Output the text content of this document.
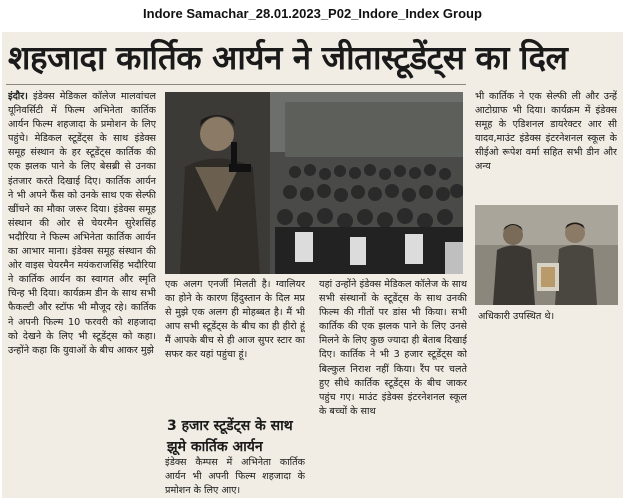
Indore Samachar_28.01.2023_P02_Indore_Index Group
शहजादा कार्तिक आर्यन ने जीतास्टूडेंट्स का दिल
इंदौर। इंडेक्स मेडिकल कॉलेज मालवांचल यूनिवर्सिटी में फिल्म अभिनेता कार्तिक आर्यन फिल्म शहजादा के प्रमोशन के लिए पहुंचे। मेडिकल स्टूडेंट्स के साथ इंडेक्स समूह संस्थान के हर स्टूडेंट्स कार्तिक की एक झलक पाने के लिए बेसब्री से उनका इंतजार करते दिखाई दिए। कार्तिक आर्यन ने भी अपने फैंस को उनके साथ एक सेल्फी खींचने का मौका जरूर दिया। इंडेक्स समूह संस्थान की ओर से चेयरमैन सुरेशसिंह भदौरिया ने फिल्म अभिनेता कार्तिक आर्यन का आभार माना। इंडेक्स समूह संस्थान की ओर वाइस चेयरमैन मयंकराजसिंह भदौरिया ने कार्तिक आर्यन का स्वागत और स्मृति चिन्ह भी दिया। कार्यक्रम डीन के साथ सभी फैकल्टी और स्टॉफ भी मौजूद रहे। कार्तिक ने अपनी फिल्म 10 फरवरी को शहजादा को देखने के लिए भी स्टूडेंट्स को कहा। उन्होंने कहा कि युवाओं के बीच आकर मुझे
एक अलग एनर्जी मिलती है। ग्वालियर का होने के कारण हिंदुस्तान के दिल मप्र से मुझे एक अलग ही मोहब्बत है। मैं भी आप सभी स्टूडेंट्स के बीच का ही हीरो हूं मैं आपके बीच से ही आज सुपर स्टार का सफर कर यहां पहुंचा हूं।
3 हजार स्टूडेंट्स के साथ झूमे कार्तिक आर्यन
इंडेक्स कैम्पस में अभिनेता कार्तिक आर्यन भी अपनी फिल्म शहजादा के प्रमोशन के लिए आए।
यहां उन्होंने इंडेक्स मेडिकल कॉलेज के साथ सभी संस्थानों के स्टूडेंट्स के साथ उनकी फिल्म की गीतों पर डांस भी किया। सभी कार्तिक की एक झलक पाने के लिए उनसे मिलने के लिए कुछ ज्यादा ही बेताब दिखाई दिए। कार्तिक ने भी 3 हजार स्टूडेंट्स को बिल्कुल निराश नहीं किया। रैंप पर चलते हुए सीधे कार्तिक स्टूडेंट्स के बीच जाकर पहुंच गए। माउंट इंडेक्स इंटरनेशनल स्कूल के बच्चों के साथ
भी कार्तिक ने एक सेल्फी ली और उन्हें आटोग्राफ भी दिया। कार्यक्रम में इंडेक्स समूह के एडिशनल डायरेक्टर आर सी यादव,माउंट इंडेक्स इंटरनेशनल स्कूल के सीईओ रूपेश वर्मा सहित सभी डीन और अन्य
अधिकारी उपस्थित थे।
